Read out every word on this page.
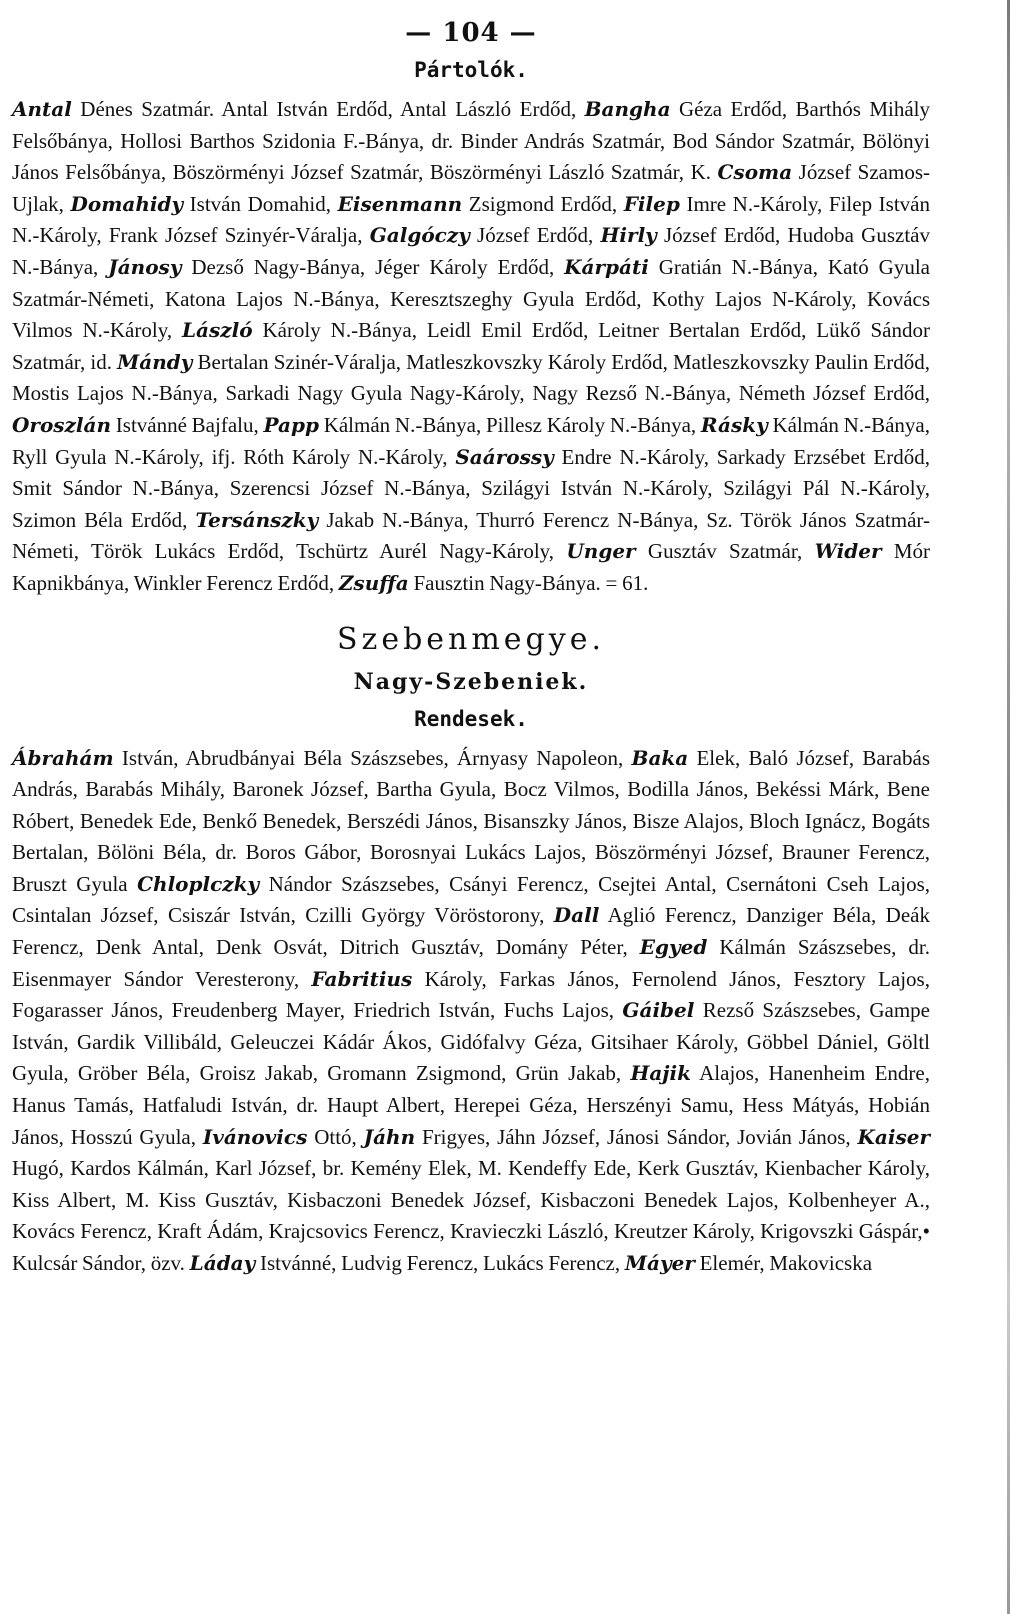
— 104 —
Pártolók.

Antal Dénes Szatmár. Antal István Erdőd, Antal László Erdőd, Bangha Géza Erdőd, Barthós Mihály Felsőbánya, Hollosi Barthos Szidonia F.-Bánya, dr. Binder András Szatmár, Bod Sándor Szatmár, Bölönyi János Felsőbánya, Böszörményi József Szatmár, Böszörményi László Szatmár, K. Csoma József Szamos-Ujlak, Domahidy István Domahid, Eisenmann Zsigmond Erdőd, Filep Imre N.-Károly, Filep István N.-Károly, Frank József Szinyér-Váralja, Galgóczy József Erdőd, Hirly József Erdőd, Hudoba Gusztáv N.-Bánya, Jánosy Dezső Nagy-Bánya, Jéger Károly Erdőd, Kárpáti Gratián N.-Bánya, Kató Gyula Szatmár-Németi, Katona Lajos N.-Bánya, Keresztszeghy Gyula Erdőd, Kothy Lajos N-Károly, Kovács Vilmos N.-Károly, László Károly N.-Bánya, Leidl Emil Erdőd, Leitner Bertalan Erdőd, Lükő Sándor Szatmár, id. Mándy Bertalan Szinér-Váralja, Matleszkovszky Károly Erdőd, Matleszkovszky Paulin Erdőd, Mostis Lajos N.-Bánya, Sarkadi Nagy Gyula Nagy-Károly, Nagy Rezső N.-Bánya, Németh József Erdőd, Oroszlán Istvánné Bajfalu, Papp Kálmán N.-Bánya, Pillesz Károly N.-Bánya, Rásky Kálmán N.-Bánya, Ryll Gyula N.-Károly, ifj. Róth Károly N.-Károly, Saárossy Endre N.-Károly, Sarkady Erzsébet Erdőd, Smit Sándor N.-Bánya, Szerencsi József N.-Bánya, Szilágyi István N.-Károly, Szilágyi Pál N.-Károly, Szimon Béla Erdőd, Tersánszky Jakab N.-Bánya, Thurró Ferencz N-Bánya, Sz. Török János Szatmár-Németi, Török Lukács Erdőd, Tschürtz Aurél Nagy-Károly, Unger Gusztáv Szatmár, Wider Mór Kapnikbánya, Winkler Ferencz Erdőd, Zsuffa Fausztin Nagy-Bánya. = 61.

Szebenmegye.
Nagy-Szebeniek.
Rendesek.

Ábrahám István, Abrudbányai Béla Szászsebes, Árnyasy Napoleon, Baka Elek, Baló József, Barabás András, Barabás Mihály, Baronek József, Bartha Gyula, Bocz Vilmos, Bodilla János, Bekéssi Márk, Bene Róbert, Benedek Ede, Benkő Benedek, Berszédi János, Bisanszky János, Bisze Alajos, Bloch Ignácz, Bogáts Bertalan, Bölöni Béla, dr. Boros Gábor, Borosnyai Lukács Lajos, Böszörményi József, Brauner Ferencz, Bruszt Gyula Chloplczky Nándor Szászsebes, Csányi Ferencz, Csejtei Antal, Csernátoni Cseh Lajos, Csintalan József, Csiszár István, Czilli György Vöröstorony, Dall Aglió Ferencz, Danziger Béla, Deák Ferencz, Denk Antal, Denk Osvát, Ditrich Gusztáv, Domány Péter, Egyed Kálmán Szászsebes, dr. Eisenmayer Sándor Veresterony, Fabritius Károly, Farkas János, Fernolend János, Fesztory Lajos, Fogarasser János, Freudenberg Mayer, Friedrich István, Fuchs Lajos, Gáibel Rezső Szászsebes, Gampe István, Gardik Villibáld, Geleuczei Kádár Ákos, Gidófalvy Géza, Gitsihaer Károly, Göbbel Dániel, Göltl Gyula, Gröber Béla, Groisz Jakab, Gromann Zsigmond, Grün Jakab, Hajik Alajos, Hanenheim Endre, Hanus Tamás, Hatfaludi István, dr. Haupt Albert, Herepei Géza, Herszényi Samu, Hess Mátyás, Hobián János, Hosszú Gyula, Ivánovics Ottó, Jáhn Frigyes, Jáhn József, Jánosi Sándor, Jovián János, Kaiser Hugó, Kardos Kálmán, Karl József, br. Kemény Elek, M. Kendeffy Ede, Kerk Gusztáv, Kienbacher Károly, Kiss Albert, M. Kiss Gusztáv, Kisbaczoni Benedek József, Kisbaczoni Benedek Lajos, Kolbenheyer A., Kovács Ferencz, Kraft Ádám, Krajcsovics Ferencz, Kravieczki László, Kreutzer Károly, Krigovszki Gáspár,• Kulcsár Sándor, özv. Láday Istvánné, Ludvig Ferencz, Lukács Ferencz, Máyer Elemér, Makovicska
